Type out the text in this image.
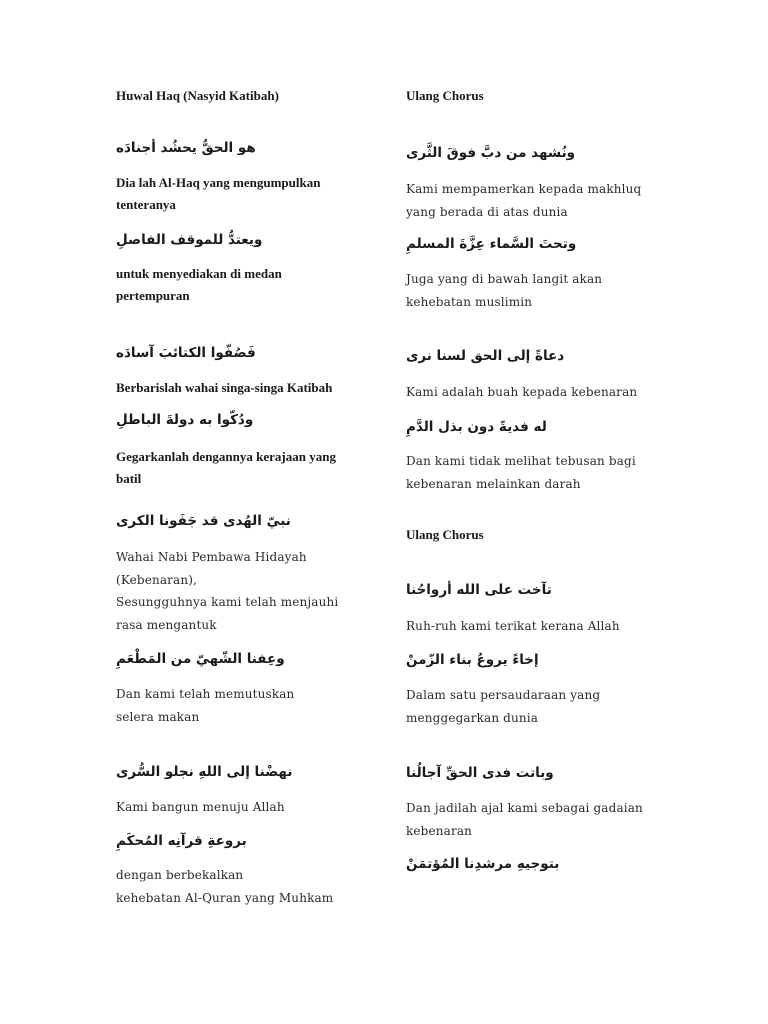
Huwal Haq (Nasyid Katibah)
هو الحقُّ يحشُد أجنادَه
Dia lah Al-Haq yang mengumpulkan tenteranya
ويعتدُّ للموقف الفاصلِ
untuk menyediakan di medan pertempuran
فَصُفّوا الكتائبَ آسادَه
Berbarislah wahai singa-singa Katibah
ودُكّوا به دولةَ الباطلِ
Gegarkanlah dengannya kerajaan yang batil
نبيّ الهُدى قد جَفَونا الكرى
Wahai Nabi Pembawa Hidayah (Kebenaran),
Sesungguhnya kami telah menjauhi rasa mengantuk
وعِفنا الشّهيّ من المَطْعَمِ
Dan kami telah memutuskan selera makan
نهضْنا إلى اللهِ نجلو السُّرى
Kami bangun menuju Allah
بروعةِ قرآنِه المُحكَمِ
dengan berbekalkan
kehebatan Al-Quran yang Muhkam
Ulang Chorus
ونُشهد من دبَّ فوقَ الثَّرى
Kami mempamerkan kepada makhluq yang berada di atas dunia
وتحتَ السَّماء عِزَّةَ المسلمِ
Juga yang di bawah langit akan kehebatan muslimin
دعاةً إلى الحق لسنا نرى
Kami adalah buah kepada kebenaran
له فديةً دون بذل الدَّمِ
Dan kami tidak melihat tebusan bagi kebenaran melainkan darah
Ulang Chorus
تآخت على الله أرواحُنا
Ruh-ruh kami terikat kerana Allah
إخاءً يروعُ بناء الزّمنْ
Dalam satu persaudaraan yang menggegarkan dunia
وباتت فدى الحقِّ آجالُنا
Dan jadilah ajal kami sebagai gadaian kebenaran
بتوجيهِ مرشدِنا المُؤتمَنْ
